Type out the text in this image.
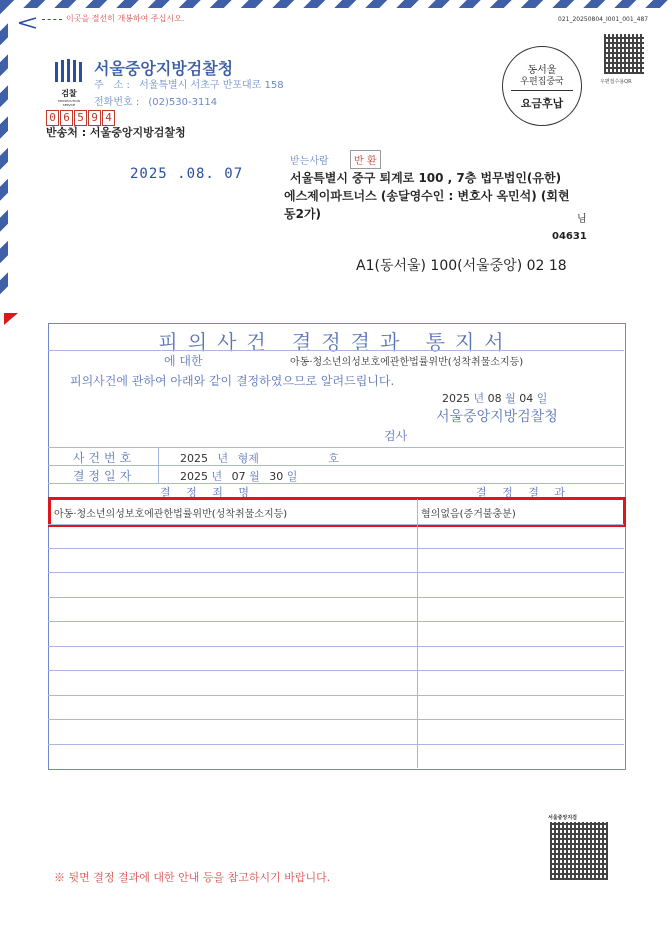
이곳을 절선히 개봉하여 주십시오.	021_20250804_I001_001_487
검찰
PROSECUTION SERVICE
서울중앙지방검찰청
주　소 : 서울특별시 서초구 반포대로 158
전화번호 : (02)530-3114
0 6 5 9 4
반송처 : 서울중앙지방검찰청
동서울
우편집중국
요금후납
우편접수용QR
2025 .08. 07
받는사람	반 환
서울특별시 중구 퇴계로 100 , 7층 법무법인(유한)
에스제이파트너스 (송달영수인 : 변호사 옥민석) (회현
동2가)	님
04631
A1(동서울) 100(서울중앙) 02 18
피의사건 결정결과 통지서
에 대한	아동·청소년의성보호에관한법률위반(성착취물소지등)
피의사건에 관하여 아래와 같이 결정하였으므로 알려드립니다.
2025 년 08 월 04 일
서울중앙지방검찰청
검사
사건번호	2025 년 형제	호
결정일자	2025 년 07 월 30 일
결 정 죄 명	결 정 결 과
아동·청소년의성보호에관한법률위반(성착취물소지등)	혐의없음(증거불충분)
서울중앙지검
※ 뒷면 결정 결과에 대한 안내 등을 참고하시기 바랍니다.
